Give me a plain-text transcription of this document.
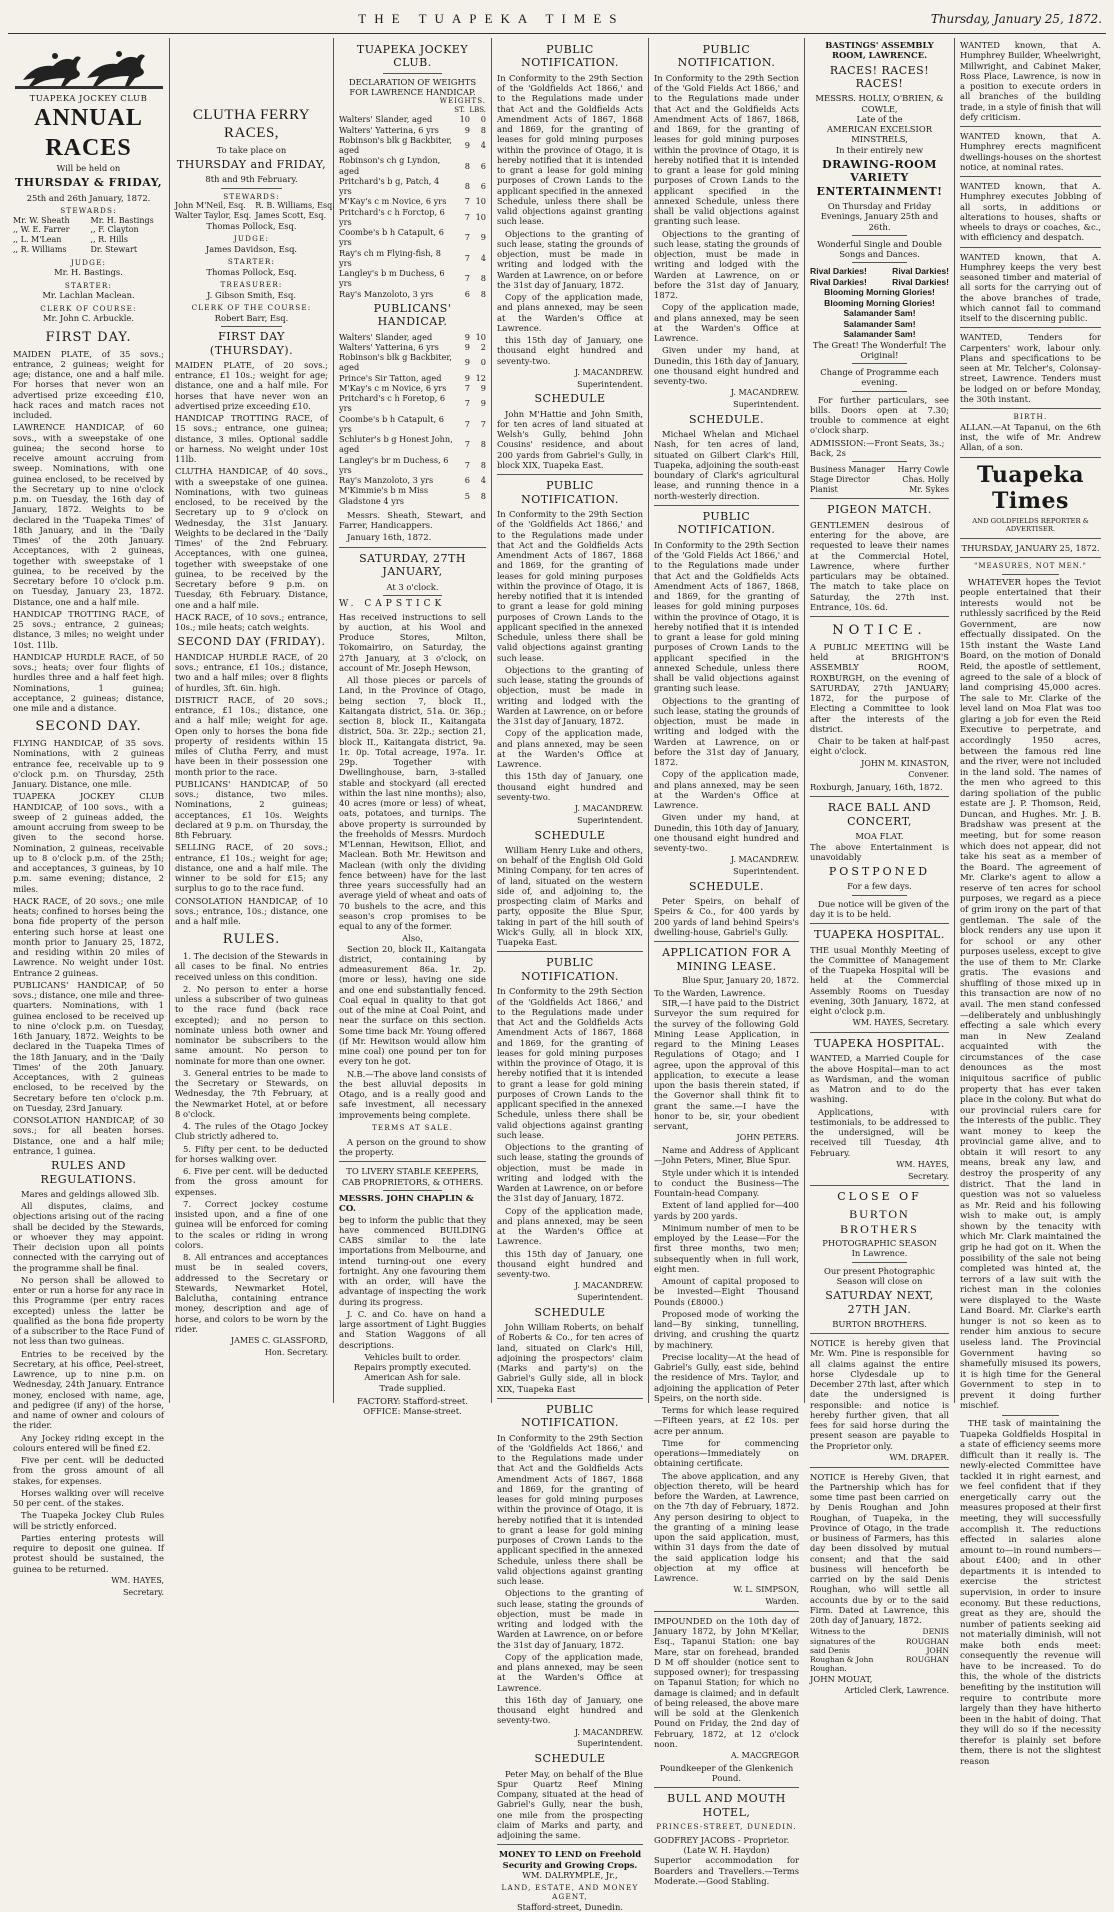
THE TUAPEKA TIMES	Thursday, January 25, 1872.
TUAPEKA JOCKEY CLUB
ANNUAL RACES
Will be held on
THURSDAY & FRIDAY,
25th and 26th January, 1872.
STEWARDS:
Mr. W. Sheath	Mr. H. Bastings
,, W. E. Farrer	,, F. Clayton
,, L. M'Lean	,, R. Hills
,, R. Williams	Dr. Stewart
JUDGE:
Mr. H. Bastings.
STARTER:
Mr. Lachlan Maclean.
CLERK OF COURSE:
Mr. John C. Arbuckle.
FIRST DAY.

MAIDEN PLATE, of 35 sovs.; entrance, 2 guineas; weight for age; distance, one and a half mile. For horses that never won an advertised prize exceeding £10, hack races and match races not included.

LAWRENCE HANDICAP, of 60 sovs., with a sweepstake of one guinea; the second horse to receive amount accruing from sweep. Nominations, with one guinea enclosed, to be received by the Secretary up to nine o'clock p.m. on Tuesday, the 16th day of January, 1872. Weights to be declared in the 'Tuapeka Times' of 18th January, and in the 'Daily Times' of the 20th January. Acceptances, with 2 guineas, together with sweepstake of 1 guinea, to be received by the Secretary before 10 o'clock p.m. on Tuesday, January 23, 1872. Distance, one and a half mile.

HANDICAP TROTTING RACE, of 25 sovs.; entrance, 2 guineas; distance, 3 miles; no weight under 10st. 11lb.

HANDICAP HURDLE RACE, of 50 sovs.; heats; over four flights of hurdles three and a half feet high. Nominations, 1 guinea; acceptance, 2 guineas; distance, one mile and a distance.

SECOND DAY.

FLYING HANDICAP, of 35 sovs. Nominations, with 2 guineas entrance fee, receivable up to 9 o'clock p.m. on Thursday, 25th January. Distance, one mile.

TUAPEKA JOCKEY CLUB HANDICAP, of 100 sovs., with a sweep of 2 guineas added, the amount accruing from sweep to be given to the second horse. Nomination, 2 guineas, receivable up to 8 o'clock p.m. of the 25th; and acceptances, 3 guineas, by 10 p.m. same evening; distance, 2 miles.

HACK RACE, of 20 sovs.; one mile heats; confined to horses being the bona fide property of the person entering such horse at least one month prior to January 25, 1872, and residing within 20 miles of Lawrence. No weight under 10st. Entrance 2 guineas.

PUBLICANS' HANDICAP, of 50 sovs.; distance, one mile and three-quarters. Nominations, with 1 guinea enclosed to be received up to nine o'clock p.m. on Tuesday, 16th January, 1872. Weights to be declared in the Tuapeka Times of the 18th January, and in the 'Daily Times' of the 20th January. Acceptances, with 2 guineas enclosed, to be received by the Secretary before ten o'clock p.m. on Tuesday, 23rd January.

CONSOLATION HANDICAP, of 30 sovs.; for all beaten horses. Distance, one and a half mile; entrance, 1 guinea.

RULES AND REGULATIONS.

Mares and geldings allowed 3lb.

All disputes, claims, and objections arising out of the racing shall be decided by the Stewards, or whoever they may appoint. Their decision upon all points connected with the carrying out of the programme shall be final.

No person shall be allowed to enter or run a horse for any race in this Programme (per entry races excepted) unless the latter be qualified as the bona fide property of a subscriber to the Race Fund of not less than two guineas.

Entries to be received by the Secretary, at his office, Peel-street, Lawrence, up to nine p.m. on Wednesday, 24th January. Entrance money, enclosed with name, age, and pedigree (if any) of the horse, and name of owner and colours of the rider.

Any Jockey riding except in the colours entered will be fined £2.

Five per cent. will be deducted from the gross amount of all stakes, for expenses.

Horses walking over will receive 50 per cent. of the stakes.

The Tuapeka Jockey Club Rules will be strictly enforced.

Parties entering protests will require to deposit one guinea. If protest should be sustained, the guinea to be returned.

WM. HAYES,
Secretary.
CLUTHA FERRY RACES,
To take place on
THURSDAY and FRIDAY,
8th and 9th February.
STEWARDS:
John M'Neil, Esq.	R. B. Williams, Esq.
Walter Taylor, Esq. James Scott, Esq.
Thomas Pollock, Esq.
JUDGE:
James Davidson, Esq.
STARTER:
Thomas Pollock, Esq.
TREASURER:
J. Gibson Smith, Esq.
CLERK OF THE COURSE:
Robert Barr, Esq.
FIRST DAY (THURSDAY).

MAIDEN PLATE, of 20 sovs.; entrance, £1 10s.; weight for age; distance, one and a half mile. For horses that have never won an advertised prize exceeding £10.

HANDICAP TROTTING RACE, of 15 sovs.; entrance, one guinea; distance, 3 miles. Optional saddle or harness. No weight under 10st 11lb.

CLUTHA HANDICAP, of 40 sovs., with a sweepstake of one guinea. Nominations, with two guineas enclosed, to be received by the Secretary up to 9 o'clock on Wednesday, the 31st January. Weights to be declared in the 'Daily Times' of the 2nd February. Acceptances, with one guinea, together with sweepstake of one guinea, to be received by the Secretary before 9 p.m. on Tuesday, 6th February. Distance, one and a half mile.

HACK RACE, of 10 sovs.; entrance, 10s.; mile heats; catch weights.

SECOND DAY (FRIDAY).

HANDICAP HURDLE RACE, of 20 sovs.; entrance, £1 10s.; distance, two and a half miles; over 8 flights of hurdles, 3ft. 6in. high.

DISTRICT RACE, of 20 sovs.; entrance, £1 10s.; distance, one and a half mile; weight for age. Open only to horses the bona fide property of residents within 15 miles of Clutha Ferry, and must have been in their possession one month prior to the race.

PUBLICANS' HANDICAP, of 50 sovs.; distance, two miles. Nominations, 2 guineas; acceptances, £1 10s. Weights declared at 9 p.m. on Thursday, the 8th February.

SELLING RACE, of 20 sovs.; entrance, £1 10s.; weight for age; distance, one and a half mile. The winner to be sold for £15; any surplus to go to the race fund.

CONSOLATION HANDICAP, of 10 sovs.; entrance, 10s.; distance, one and a half mile.

RULES.

1. The decision of the Stewards in all cases to be final. No entries received unless on this condition.

2. No person to enter a horse unless a subscriber of two guineas to the race fund (back race excepted); and no person to nominate unless both owner and nominator be subscribers to the same amount. No person to nominate for more than one owner.

3. General entries to be made to the Secretary or Stewards, on Wednesday, the 7th February, at the Newmarket Hotel, at or before 8 o'clock.

4. The rules of the Otago Jockey Club strictly adhered to.

5. Fifty per cent. to be deducted for horses walking over.

6. Five per cent. will be deducted from the gross amount for expenses.

7. Correct jockey costume insisted upon, and a fine of one guinea will be enforced for coming to the scales or riding in wrong colors.

8. All entrances and acceptances must be in sealed covers, addressed to the Secretary or Stewards, Newmarket Hotel, Balclutha, containing entrance money, description and age of horse, and colors to be worn by the rider.

JAMES C. GLASSFORD,
Hon. Secretary.
TUAPEKA JOCKEY CLUB.
DECLARATION OF WEIGHTS FOR LAWRENCE HANDICAP.
WEIGHTS.
ST. LBS.
Walters' Slander, aged	10	0
Walters' Yatterina, 6 yrs	9	8
Robinson's blk g Backbiter, aged	9	4
Robinson's ch g Lyndon, aged	8	6
Pritchard's b g, Patch, 4 yrs	8	6
M'Kay's c m Novice, 6 yrs	7	10
Pritchard's c h Forctop, 6 yrs	7	10
Coombe's b h Catapult, 6 yrs	7	9
Ray's ch m Flying-fish, 8 yrs	7	4
Langley's b m Duchess, 6 yrs	7	8
Ray's Manzoloto, 3 yrs	6	8
PUBLICANS' HANDICAP.
Walters' Slander, aged	9	10
Walters' Yatterina, 6 yrs	9	2
Robinson's blk g Backbiter, aged	9	0
Prince's Sir Tatton, aged	9	12
M'Kay's c m Novice, 6 yrs	7	9
Pritchard's c h Foretop, 6 yrs	7	9
Coombe's b h Catapult, 6 yrs	7	7
Schluter's b g Honest John, aged	7	8
Langley's br m Duchess, 6 yrs	7	8
Ray's Manzoloto, 3 yrs	6	4
M'Kimmie's b m Miss Gladstone 4 yrs	5	8

Messrs. Sheath, Stewart, and Farrer, Handicappers.

January 16th, 1872.

SATURDAY, 27TH JANUARY,
At 3 o'clock.
W. CAPSTICK

Has received instructions to sell by auction, at his Wool and Produce Stores, Milton, Tokomairiro, on Saturday, the 27th January, at 3 o'clock, on account of Mr. Joseph Hewson,

All those pieces or parcels of Land, in the Province of Otago, being section 7, block II., Kaitangata district, 51a. 0r. 36p.; section 8, block II., Kaitangata district, 50a. 3r. 22p.; section 21, block II., Kaitangata district, 9a. 1r. 0p. Total acreage, 197a. 1r. 29p. Together with Dwellinghouse, barn, 3-stalled stable and stockyard (all erected within the last nine months); also, 40 acres (more or less) of wheat, oats, potatoes, and turnips. The above property is surrounded by the freeholds of Messrs. Murdoch M'Lennan, Hewitson, Elliot, and Maclean. Both Mr. Hewitson and Maclean (with only the dividing fence between) have for the last three years successfully had an average yield of wheat and oats of 70 bushels to the acre, and this season's crop promises to be equal to any of the former.

Also,

Section 20, block II., Kaitangata district, containing by admeasurement 86a. 1r. 2p. (more or less), having one side and one end substantially fenced. Coal equal in quality to that got out of the mine at Coal Point, and near the surface on this section. Some time back Mr. Young offered (if Mr. Hewitson would allow him mine coal) one pound per ton for every ton he got.

N.B.—The above land consists of the best alluvial deposits in Otago, and is a really good and safe investment, all necessary improvements being complete.

TERMS AT SALE.

A person on the ground to show the property.

TO LIVERY STABLE KEEPERS, CAB PROPRIETORS, & OTHERS.
MESSRS. JOHN CHAPLIN & CO.

beg to inform the public that they have commenced BUILDING CABS similar to the late importations from Melbourne, and intend turning-out one every fortnight. Any one favouring them with an order, will have the advantage of inspecting the work during its progress.

J. C. and Co. have on hand a large assortment of Light Buggies and Station Waggons of all descriptions.

Vehicles built to order.
Repairs promptly executed.
American Ash for sale.
Trade supplied.
FACTORY: Stafford-street.
OFFICE: Manse-street.
PUBLIC NOTIFICATION.

In Conformity to the 29th Section of the 'Goldfields Act 1866,' and to the Regulations made under that Act and the Goldfields Acts Amendment Acts of 1867, 1868 and 1869, for the granting of leases for gold mining purposes within the province of Otago, it is hereby notified that it is intended to grant a lease for gold mining purposes of Crown Lands to the applicant specified in the annexed Schedule, unless there shall be valid objections against granting such lease.

Objections to the granting of such lease, stating the grounds of objection, must be made in writing and lodged with the Warden at Lawrence, on or before the 31st day of January, 1872.

Copy of the application made, and plans annexed, may be seen at the Warden's Office at Lawrence.

this 15th day of January, one thousand eight hundred and seventy-two.

J. MACANDREW.
Superintendent.
SCHEDULE

John M'Hattie and John Smith, for ten acres of land situated at Welsh's Gully, behind John Cousins' residence, and about 200 yards from Gabriel's Gully, in block XIX, Tuapeka East.

PUBLIC NOTIFICATION.

In Conformity to the 29th Section of the 'Goldfields Act 1866,' and to the Regulations made under that Act and the Goldfields Acts Amendment Acts of 1867, 1868 and 1869, for the granting of leases for gold mining purposes within the province of Otago, it is hereby notified that it is intended to grant a lease for gold mining purposes of Crown Lands to the applicant specified in the annexed Schedule, unless there shall be valid objections against granting such lease.

Objections to the granting of such lease, stating the grounds of objection, must be made in writing and lodged with the Warden at Lawrence, on or before the 31st day of January, 1872.

Copy of the application made, and plans annexed, may be seen at the Warden's Office at Lawrence.

this 15th day of January, one thousand eight hundred and seventy-two.

J. MACANDREW.
Superintendent.
SCHEDULE

William Henry Luke and others, on behalf of the English Old Gold Mining Company, for ten acres of of land, situated on the western side of, and adjoining to, the prospecting claim of Marks and party, opposite the Blue Spur, taking in part of the hill south of Wick's Gully, all in block XIX, Tuapeka East.

PUBLIC NOTIFICATION.

In Conformity to the 29th Section of the 'Goldfields Act 1866,' and to the Regulations made under that Act and the Goldfields Acts Amendment Acts of 1867, 1868 and 1869, for the granting of leases for gold mining purposes within the province of Otago, it is hereby notified that it is intended to grant a lease for gold mining purposes of Crown Lands to the applicant specified in the annexed Schedule, unless there shall be valid objections against granting such lease.

Objections to the granting of such lease, stating the grounds of objection, must be made in writing and lodged with the Warden at Lawrence, on or before the 31st day of January, 1872.

Copy of the application made, and plans annexed, may be seen at the Warden's Office at Lawrence.

this 15th day of January, one thousand eight hundred and seventy-two.

J. MACANDREW.
Superintendent.
SCHEDULE

John William Roberts, on behalf of Roberts & Co., for ten acres of land, situated on Clark's Hill, adjoining the prospectors' claim (Marks and party's) on the Gabriel's Gully side, all in block XIX, Tuapeka East

PUBLIC NOTIFICATION.

In Conformity to the 29th Section of the 'Goldfields Act 1866,' and to the Regulations made under that Act and the Goldfields Acts Amendment Acts of 1867, 1868 and 1869, for the granting of leases for gold mining purposes within the province of Otago, it is hereby notified that it is intended to grant a lease for gold mining purposes of Crown Lands to the applicant specified in the annexed Schedule, unless there shall be valid objections against granting such lease.

Objections to the granting of such lease, stating the grounds of objection, must be made in writing and lodged with the Warden at Lawrence, on or before the 31st day of January, 1872.

Copy of the application made, and plans annexed, may be seen at the Warden's Office at Lawrence.

this 16th day of January, one thousand eight hundred and seventy-two.

J. MACANDREW.
Superintendent.
SCHEDULE

Peter May, on behalf of the Blue Spur Quartz Reef Mining Company, situated at the head of Gabriel's Gully, near the bush, one mile from the prospecting claim of Marks and party, and adjoining the same.

MONEY TO LEND on Freehold Security and Growing Crops.
WM. DALRYMPLE, Jr.,
LAND, ESTATE, AND MONEY AGENT,
Stafford-street, Dunedin.
PUBLIC NOTIFICATION.

In Conformity to the 29th Section of the 'Gold Fields Act 1866,' and to the Regulations made under that Act and the Goldfields Acts Amendment Acts of 1867, 1868, and 1869, for the granting of leases for gold mining purposes within the province of Otago, it is hereby notified that it is intended to grant a lease for gold mining purposes of Crown Lands to the applicant specified in the annexed Schedule, unless there shall be valid objections against granting such lease.

Objections to the granting of such lease, stating the grounds of objection, must be made in writing and lodged with the Warden at Lawrence, on or before the 31st day of January, 1872.

Copy of the application made, and plans annexed, may be seen at the Warden's Office at Lawrence.

Given under my hand, at Dunedin, this 16th day of January, one thousand eight hundred and seventy-two.

J. MACANDREW.
Superintendent.
SCHEDULE.

Michael Whelan and Michael Nash, for ten acres of land, situated on Gilbert Clark's Hill, Tuapeka, adjoining the south-east boundary of Clark's agricultural lease, and running thence in a north-westerly direction.

PUBLIC NOTIFICATION.

In Conformity to the 29th Section of the 'Gold Fields Act 1866,' and to the Regulations made under that Act and the Goldfields Acts Amendment Acts of 1867, 1868, and 1869, for the granting of leases for gold mining purposes within the province of Otago, it is hereby notified that it is intended to grant a lease for gold mining purposes of Crown Lands to the applicant specified in the annexed Schedule, unless there shall be valid objections against granting such lease.

Objections to the granting of such lease, stating the grounds of objection, must be made in writing and lodged with the Warden at Lawrence, on or before the 31st day of January, 1872.

Copy of the application made, and plans annexed, may be seen at the Warden's Office at Lawrence.

Given under my hand, at Dunedin, this 10th day of January, one thousand eight hundred and seventy-two.

J. MACANDREW.
Superintendent.
SCHEDULE.

Peter Speirs, on behalf of Speirs & Co., for 400 yards by 200 yards of land behind Speirs's dwelling-house, Gabriel's Gully.

APPLICATION FOR A MINING LEASE.
Blue Spur, January 20, 1872.
To the Warden, Lawrence.

SIR,—I have paid to the District Surveyor the sum required for the survey of the following Gold Mining Lease Application, in regard to the Mining Leases Regulations of Otago; and I agree, upon the approval of this application, to execute a lease upon the basis therein stated, if the Governor shall think fit to grant the same.—I have the honor to be, sir, your obedient servant,

JOHN PETERS.

Name and Address of Applicant—John Peters, Miner, Blue Spur.

Style under which it is intended to conduct the Business—The Fountain-head Company.

Extent of land applied for—400 yards by 200 yards.

Minimum number of men to be employed by the Lease—For the first three months, two men; subsequently when in full work, eight men.

Amount of capital proposed to be invested—Eight Thousand Pounds (£8000.)

Proposed mode of working the land—By sinking, tunnelling, driving, and crushing the quartz by machinery.

Precise locality—At the head of Gabriel's Gully, east side, behind the residence of Mrs. Taylor, and adjoining the application of Peter Speirs, on the north side.

Terms for which lease required—Fifteen years, at £2 10s. per acre per annum.

Time for commencing operations—Immediately on obtaining certificate.

The above application, and any objection thereto, will be heard before the Warden, at Lawrence, on the 7th day of February, 1872. Any person desiring to object to the granting of a mining lease upon the said application, must, within 31 days from the date of the said application lodge his objection at my office at Lawrence.

W. L. SIMPSON,
Warden.

IMPOUNDED on the 10th day of January 1872, by John M'Kellar, Esq., Tapanui Station: one bay Mare, star on forehead, branded D M off shoulder (notice sent to supposed owner); for trespassing on Tapanui Station; for which no damage is claimed; and in default of being released, the above mare will be sold at the Glenkenich Pound on Friday, the 2nd day of February, 1872, at 12 o'clock noon.

A. MACGREGOR
Poundkeeper of the Glenkenich Pound.
BULL AND MOUTH HOTEL,
PRINCES-STREET, DUNEDIN.
GODFREY JACOBS - Proprietor.
(Late W. H. Haydon)

Superior accommodation for Boarders and Travellers.—Terms Moderate.—Good Stabling.

BASTINGS' ASSEMBLY ROOM, LAWRENCE.
RACES! RACES! RACES!
MESSRS. HOLLY, O'BRIEN, & COWLE,
Late of the
AMERICAN EXCELSIOR MINSTRELS,
In their entirely new
DRAWING-ROOM VARIETY ENTERTAINMENT!
On Thursday and Friday Evenings, January 25th and 26th.
Wonderful Single and Double Songs and Dances.
Rival Darkies!	Rival Darkies!
Rival Darkies!	Rival Darkies!
Blooming Morning Glories!
Blooming Morning Glories!
Salamander Sam!
Salamander Sam!
Salamander Sam!
The Great! The Wonderful! The Original!
Change of Programme each evening.

For further particulars, see bills. Doors open at 7.30; trouble to commence at eight o'clock sharp.

ADMISSION:—Front Seats, 3s.; Back, 2s
Business Manager Harry Cowle
Stage Director	Chas. Holly
Pianist	Mr. Sykes
PIGEON MATCH.

GENTLEMEN desirous of entering for the above, are requested to leave their names at the Commercial Hotel, Lawrence, where further particulars may be obtained. The match to take place on Saturday, the 27th inst. Entrance, 10s. 6d.

NOTICE.

A PUBLIC MEETING will be held at BRIGHTON'S ASSEMBLY ROOM, ROXBURGH, on the evening of SATURDAY, 27th JANUARY; 1872, for the purpose of Electing a Committee to look after the interests of the district.

Chair to be taken at half-past eight o'clock.

JOHN M. KINASTON,
Convener.
Roxburgh, January, 16th, 1872.
RACE BALL AND CONCERT,
MOA FLAT.

The above Entertainment is unavoidably

POSTPONED
For a few days.

Due notice will be given of the day it is to be held.

TUAPEKA HOSPITAL.

THE usual Monthly Meeting of the Committee of Management of the Tuapeka Hospital will be held at the Commercial Assembly Rooms on Tuesday evening, 30th January, 1872, at eight o'clock p.m.

WM. HAYES, Secretary.
TUAPEKA HOSPITAL.

WANTED, a Married Couple for the above Hospital—man to act as Wardsman, and the woman as Matron and to do the washing.

Applications, with testimonials, to be addressed to the undersigned, will be received till Tuesday, 4th February.

WM. HAYES,
Secretary.
CLOSE OF
BURTON BROTHERS
PHOTOGRAPHIC SEASON
In Lawrence.
Our present Photographic Season will close on
SATURDAY NEXT, 27TH JAN.
BURTON BROTHERS.

NOTICE is hereby given that Mr. Wm. Pine is responsible for all claims against the entire horse Clydesdale up to December 27th last, after which date the undersigned is responsible: and notice is hereby further given, that all fees for said horse during the present season are payable to the Proprietor only.

WM. DRAPER.

NOTICE is Hereby Given, that the Partnership which has for some time past been carried on by Denis Roughan and John Roughan, of Tuapeka, in the Province of Otago, in the trade or business of Farmers, has this day been dissolved by mutual consent; and that the said business will henceforth be carried on by the said Denis Roughan, who will settle all accounts due by or to the said Firm. Dated at Lawrence, this 20th day of January, 1872.

Witness to the signatures of the said Denis Roughan & John Roughan.
DENIS ROUGHAN
JOHN ROUGHAN
JOHN MOUAT,
Articled Clerk, Lawrence.

WANTED known, that A. Humphrey Builder, Wheelwright, Millwright, and Cabinet Maker, Ross Place, Lawrence, is now in a position to execute orders in all branches of the building trade, in a style of finish that will defy criticism.

WANTED known, that A. Humphrey erects magnificent dwellings-houses on the shortest notice, at nominal rates.

WANTED known, that A. Humphrey executes Jobbing of all sorts, in additions or alterations to houses, shafts or wheels to drays or coaches, &c., with efficiency and despatch.

WANTED known, that A. Humphrey keeps the very best seasoned timber and material of all sorts for the carrying out of the above branches of trade, which cannot fail to command itself to the discerning public.

WANTED, Tenders for Carpenters' work, labour only. Plans and specifications to be seen at Mr. Telcher's, Colonsay-street, Lawrence. Tenders must be lodged on or before Monday, the 30th instant.

BIRTH.

ALLAN.—At Tapanui, on the 6th inst, the wife of Mr. Andrew Allan, of a son.

Tuapeka Times
AND GOLDFIELDS REPORTER & ADVERTISER.
THURSDAY, JANUARY 25, 1872.
"MEASURES, NOT MEN."

WHATEVER hopes the Teviot people entertained that their interests would not be ruthlessly sacrificed by the Reid Government, are now effectually dissipated. On the 15th instant the Waste Land Board, on the motion of Donald Reid, the apostle of settlement, agreed to the sale of a block of land comprising 45,000 acres. The sale to Mr. Clarke of the level land on Moa Flat was too glaring a job for even the Reid Executive to perpetrate, and accordingly 1950 acres, between the famous red line and the river, were not included in the land sold. The names of the men who agreed to this daring spoliation of the public estate are J. P. Thomson, Reid, Duncan, and Hughes. Mr. J. B. Bradshaw was present at the meeting, but for some reason which does not appear, did not take his seat as a member of the Board. The agreement of Mr. Clarke's agent to allow a reserve of ten acres for school purposes, we regard as a piece of grim irony on the part of that gentleman. The sale of the block renders any use upon it for school or any other purposes useless, except to give the use of them to Mr. Clarke gratis. The evasions and shuffling of those mixed up in this transaction are now of no avail. The men stand confessed—deliberately and unblushingly effecting a sale which every man in New Zealand acquainted with the circumstances of the case denounces as the most iniquitous sacrifice of public property that has ever taken place in the colony. But what do our provincial rulers care for the interests of the public. They want money to keep the provincial game alive, and to obtain it will resort to any means, break any law, and destroy the prosperity of any district. That the land in question was not so valueless as Mr. Reid and his following wish to make out, is amply shown by the tenacity with which Mr. Clark maintained the grip he had got on it. When the possibility of the sale not being completed was hinted at, the terrors of a law suit with the richest man in the colonies were displayed to the Waste Land Board. Mr. Clarke's earth hunger is not so keen as to render him anxious to secure useless land. The Provincial Government having so shamefully misused its powers, it is high time for the General Government to step in to prevent it doing further mischief.

THE task of maintaining the Tuapeka Goldfields Hospital in a state of efficiency seems more difficult than it really is. The newly-elected Committee have tackled it in right earnest, and we feel confident that if they energetically carry out the measures proposed at their first meeting, they will successfully accomplish it. The reductions effected in salaries alone amount to—in round numbers—about £400; and in other departments it is intended to exercise the strictest supervision, in order to insure economy. But these reductions, great as they are, should the number of patients seeking aid not materially diminish, will not make both ends meet: consequently the revenue will have to be increased. To do this, the whole of the districts benefiting by the institution will require to contribute more largely than they have hitherto been in the habit of doing. That they will do so if the necessity therefor is plainly set before them, there is not the slightest reason
